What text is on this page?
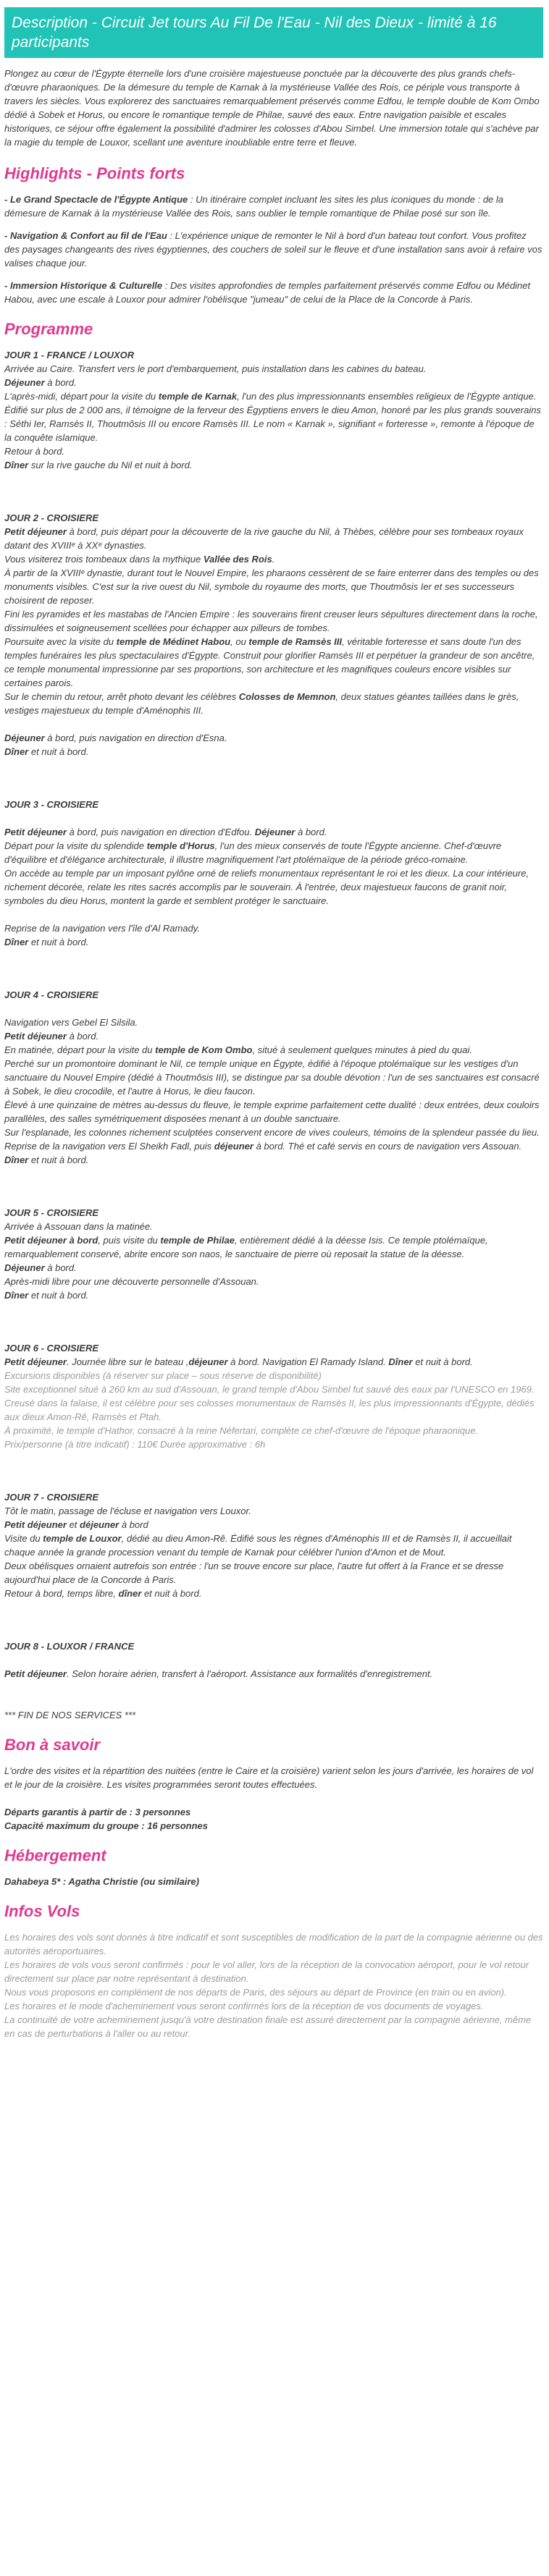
Description - Circuit Jet tours Au Fil De l'Eau - Nil des Dieux - limité à 16 participants

Plongez au cœur de l'Égypte éternelle lors d'une croisière majestueuse ponctuée par la découverte des plus grands chefs-d'œuvre pharaoniques. De la démesure du temple de Karnak à la mystérieuse Vallée des Rois, ce périple vous transporte à travers les siècles. Vous explorerez des sanctuaires remarquablement préservés comme Edfou, le temple double de Kom Ombo dédié à Sobek et Horus, ou encore le romantique temple de Philae, sauvé des eaux. Entre navigation paisible et escales historiques, ce séjour offre également la possibilité d'admirer les colosses d'Abou Simbel. Une immersion totale qui s'achève par la magie du temple de Louxor, scellant une aventure inoubliable entre terre et fleuve.

Highlights - Points forts

- Le Grand Spectacle de l'Égypte Antique : Un itinéraire complet incluant les sites les plus iconiques du monde : de la démesure de Karnak à la mystérieuse Vallée des Rois, sans oublier le temple romantique de Philae posé sur son île.

- Navigation & Confort au fil de l'Eau : L'expérience unique de remonter le Nil à bord d'un bateau tout confort. Vous profitez des paysages changeants des rives égyptiennes, des couchers de soleil sur le fleuve et d'une installation sans avoir à refaire vos valises chaque jour.

- Immersion Historique & Culturelle : Des visites approfondies de temples parfaitement préservés comme Edfou ou Médinet Habou, avec une escale à Louxor pour admirer l'obélisque "jumeau" de celui de la Place de la Concorde à Paris.

Programme

JOUR 1 - FRANCE / LOUXOR

Arrivée au Caire. Transfert vers le port d'embarquement, puis installation dans les cabines du bateau.

Déjeuner à bord.

L'après-midi, départ pour la visite du temple de Karnak, l'un des plus impressionnants ensembles religieux de l'Égypte antique.

Édifié sur plus de 2 000 ans, il témoigne de la ferveur des Égyptiens envers le dieu Amon, honoré par les plus grands souverains : Séthi Ier, Ramsès II, Thoutmôsis III ou encore Ramsès III. Le nom « Karnak », signifiant « forteresse », remonte à l'époque de la conquête islamique.

Retour à bord.

Dîner sur la rive gauche du Nil et nuit à bord.

JOUR 2 - CROISIERE

Petit déjeuner à bord, puis départ pour la découverte de la rive gauche du Nil, à Thèbes, célèbre pour ses tombeaux royaux datant des XVIIIᵉ à XXᵉ dynasties.

Vous visiterez trois tombeaux dans la mythique Vallée des Rois.

À partir de la XVIIIᵉ dynastie, durant tout le Nouvel Empire, les pharaons cessèrent de se faire enterrer dans des temples ou des monuments visibles. C'est sur la rive ouest du Nil, symbole du royaume des morts, que Thoutmôsis Ier et ses successeurs choisirent de reposer.

Fini les pyramides et les mastabas de l'Ancien Empire : les souverains firent creuser leurs sépultures directement dans la roche, dissimulées et soigneusement scellées pour échapper aux pilleurs de tombes.

Poursuite avec la visite du temple de Médinet Habou, ou temple de Ramsès III, véritable forteresse et sans doute l'un des temples funéraires les plus spectaculaires d'Égypte. Construit pour glorifier Ramsès III et perpétuer la grandeur de son ancêtre, ce temple monumental impressionne par ses proportions, son architecture et les magnifiques couleurs encore visibles sur certaines parois.

Sur le chemin du retour, arrêt photo devant les célèbres Colosses de Memnon, deux statues géantes taillées dans le grès, vestiges majestueux du temple d'Aménophis III.

Déjeuner à bord, puis navigation en direction d'Esna.

Dîner et nuit à bord.

JOUR 3 - CROISIERE

Petit déjeuner à bord, puis navigation en direction d'Edfou. Déjeuner à bord.

Départ pour la visite du splendide temple d'Horus, l'un des mieux conservés de toute l'Égypte ancienne. Chef-d'œuvre d'équilibre et d'élégance architecturale, il illustre magnifiquement l'art ptolémaïque de la période gréco-romaine.

On accède au temple par un imposant pylône orné de reliefs monumentaux représentant le roi et les dieux. La cour intérieure, richement décorée, relate les rites sacrés accomplis par le souverain. À l'entrée, deux majestueux faucons de granit noir, symboles du dieu Horus, montent la garde et semblent protéger le sanctuaire.

Reprise de la navigation vers l'île d'Al Ramady.

Dîner et nuit à bord.

JOUR 4 - CROISIERE

Navigation vers Gebel El Silsila.

Petit déjeuner à bord.

En matinée, départ pour la visite du temple de Kom Ombo, situé à seulement quelques minutes à pied du quai.

Perché sur un promontoire dominant le Nil, ce temple unique en Égypte, édifié à l'époque ptolémaïque sur les vestiges d'un sanctuaire du Nouvel Empire (dédié à Thoutmôsis III), se distingue par sa double dévotion : l'un de ses sanctuaires est consacré à Sobek, le dieu crocodile, et l'autre à Horus, le dieu faucon.

Élevé à une quinzaine de mètres au-dessus du fleuve, le temple exprime parfaitement cette dualité : deux entrées, deux couloirs parallèles, des salles symétriquement disposées menant à un double sanctuaire.

Sur l'esplanade, les colonnes richement sculptées conservent encore de vives couleurs, témoins de la splendeur passée du lieu.

Reprise de la navigation vers El Sheikh Fadl, puis déjeuner à bord. Thé et café servis en cours de navigation vers Assouan.

Dîner et nuit à bord.

JOUR 5 - CROISIERE

Arrivée à Assouan dans la matinée.

Petit déjeuner à bord, puis visite du temple de Philae, entièrement dédié à la déesse Isis. Ce temple ptolémaïque, remarquablement conservé, abrite encore son naos, le sanctuaire de pierre où reposait la statue de la déesse.

Déjeuner à bord.

Après-midi libre pour une découverte personnelle d'Assouan.

Dîner et nuit à bord.

JOUR 6 - CROISIERE

Petit déjeuner. Journée libre sur le bateau ,déjeuner à bord. Navigation El Ramady Island. Dîner et nuit à bord.

Excursions disponibles (à réserver sur place – sous réserve de disponibilité)

Site exceptionnel situé à 260 km au sud d'Assouan, le grand temple d'Abou Simbel fut sauvé des eaux par l'UNESCO en 1969.

Creusé dans la falaise, il est célèbre pour ses colosses monumentaux de Ramsès II, les plus impressionnants d'Égypte, dédiés aux dieux Amon-Rê, Ramsès et Ptah.

À proximité, le temple d'Hathor, consacré à la reine Néfertari, complète ce chef-d'œuvre de l'époque pharaonique.

Prix/personne (à titre indicatif) : 110€ Durée approximative : 6h

JOUR 7 - CROISIERE

Tôt le matin, passage de l'écluse et navigation vers Louxor.

Petit déjeuner et déjeuner à bord

Visite du temple de Louxor, dédié au dieu Amon-Rê. Édifié sous les règnes d'Aménophis III et de Ramsès II, il accueillait chaque année la grande procession venant du temple de Karnak pour célébrer l'union d'Amon et de Mout.

Deux obélisques ornaient autrefois son entrée : l'un se trouve encore sur place, l'autre fut offert à la France et se dresse aujourd'hui place de la Concorde à Paris.

Retour à bord, temps libre, dîner et nuit à bord.

JOUR 8 - LOUXOR / FRANCE

Petit déjeuner. Selon horaire aérien, transfert à l'aéroport. Assistance aux formalités d'enregistrement.

*** FIN DE NOS SERVICES ***

Bon à savoir

L'ordre des visites et la répartition des nuitées (entre le Caire et la croisière) varient selon les jours d'arrivée, les horaires de vol et le jour de la croisière. Les visites programmées seront toutes effectuées.

Départs garantis à partir de : 3 personnes

Capacité maximum du groupe : 16 personnes

Hébergement

Dahabeya 5* : Agatha Christie (ou similaire)

Infos Vols

Les horaires des vols sont donnés à titre indicatif et sont susceptibles de modification de la part de la compagnie aérienne ou des autorités aéroportuaires.

Les horaires de vols vous seront confirmés : pour le vol aller, lors de la réception de la convocation aéroport, pour le vol retour directement sur place par notre représentant à destination.

Nous vous proposons en complément de nos départs de Paris, des séjours au départ de Province (en train ou en avion).

Les horaires et le mode d'acheminement vous seront confirmés lors de la réception de vos documents de voyages.

La continuité de votre acheminement jusqu'à votre destination finale est assuré directement par la compagnie aérienne, même en cas de perturbations à l'aller ou au retour.
